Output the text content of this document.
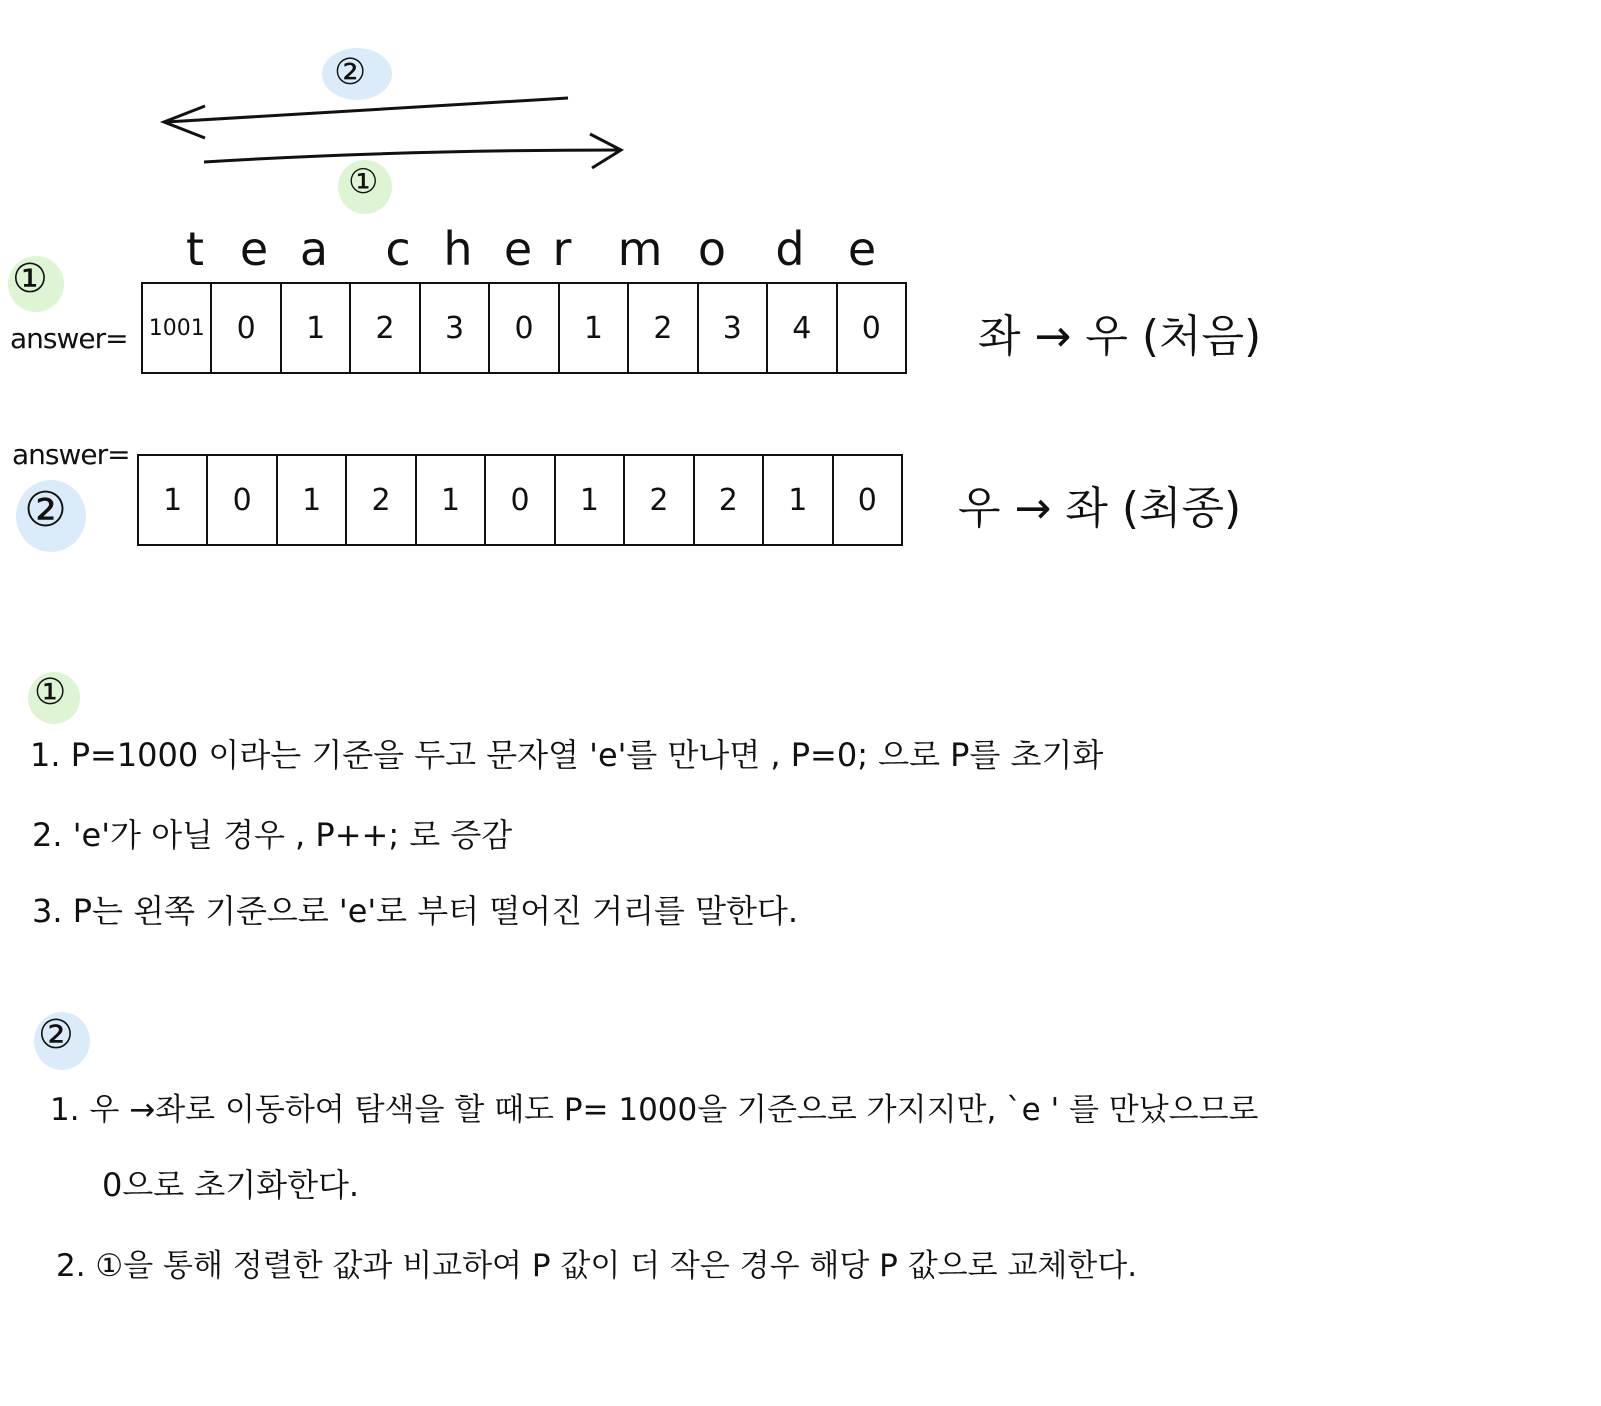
②
①
t e a c h e r m o d e
①
answer= 1001	0	1	2	3	0	1	2	3	4	0	좌 → 우 (처음)
answer=
②	1	0	1	2	1	0	1	2	2	1	0	우 → 좌 (최종)
①
1. P=1000 이라는 기준을 두고 문자열 'e'를 만나면 , P=0; 으로 P를 초기화
2. 'e'가 아닐 경우 , P++; 로 증감
3. P는 왼쪽 기준으로 'e'로 부터 떨어진 거리를 말한다.
②
1. 우 →좌로 이동하여 탐색을 할 때도 P= 1000을 기준으로 가지지만, `e ' 를 만났으므로
0으로 초기화한다.
2. ①을 통해 정렬한 값과 비교하여 P 값이 더 작은 경우 해당 P 값으로 교체한다.
